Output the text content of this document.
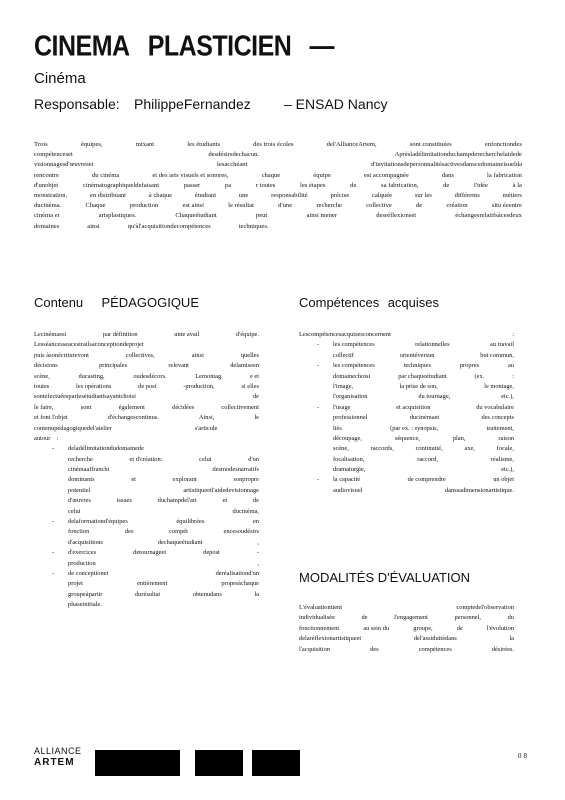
CINEMA PLASTICIEN —
Cinéma
Responsable: PhilippeFernandez – ENSAD Nancy
Trois	équipes,	mixant	les étudiants	des trois écoles	del'AllianceArtem,	sont constituées	enfonctiondes
compétenceset	desdésirsdechacun.	Aprèsladélimitationduchampderecherchelaidede
visionnagesd'œuvreset	lesacchéant	d'invitationsdepersonnalitésactivesdanscedomaineisuelda
rencontre	du cinéma	et des arts visuels et sonores,	chaque	équipe	est accompagnée	dans	la fabrication
d'unobjet	cinématographiqueldefaisant	passer	pa	r toutes	les étapes	de	sa fabrication,	de	l'idée	à la
monstration,	en distribuant	à chaque	étudiant	une	responsabilité	précise	calquée	sur les	différents	métiers
ducinéma.	Chaque	production	est ainsi	le résultat	d'une	recherche	collective	de	création	situ éeentre
cinéma et	artsplastiques.	Chaqueétudiant	peut	ainsi mener	desréflexionset	échangesrelatifsàcesdeux
domaines	ainsi	qu'àl'acquisitiondecompétences	techniques.
Contenu PÉDAGOGIQUE

Lecinémaest	par définition	unte avail	d'équipe.

Lesséancesseacesirailsaconceptiondeprojet

puis àsonécriturevont	collectives,	ainsi	quelles

décisions	principales	relevant	delamiseen

scène,	ducasting,	oudesdécors.	Lemontag	e et

toutes	les opérations	de post	-production,	si elles

sontefectuéesparlesétudiantsayantchoisi	de

le faire,	sont	également	décidées	collectivement

et font l'objet	d'échangescontinus.	Ainsi,	le

contenupédagogiquedel'atelier	s'articule

autour :

- deladélimitationdudomainede

recherche	et d'création:	celui	d'un

cinémaaffranchi	desmodesnarratifs

dominants	et	explorant	sonpropre

potentiel	artistiqueetl'aidedevisionnage

d'œuvres	issues	duchampdel'art	et	de

celui	ducinéma,

- delaformationd'équipes	équilibrées	en

fonction	des	compét	encesoudésirs

d'acquisitions	dechaqueétudiant	,

- d'exercices	detournageet	depost	-

production	,

- de conceptionet	deréalisationd'un

projet	entièrement	propreàchaque

groupeàpartir	durésultat	obtenudans	la

phaseinitiale.

Compétences acquises

Lescompétencesacquisesconcernent	:

- les compétences	relationnelles	au travail

collectif	orientéversun	but commun,

- les compétences	techniques	propres	au

domainechoisi	par chaqueétudiant	(ex.	:

l'image,	la prise de son,	le montage,

l'organisation	du tournage,	etc.),

- l'usage	et acquisition	du vocabulaire

professionnel	ducinémaet	des concepts

liés	(par ex. : synopsis,	traitement,

découpage,	séquence,	plan,	raison

scène,	raccords,	continuité,	axe,	focale,

focalisation,	raccord,	réalisme,

dramaturgie,	etc.),

- la capacité	de comprendre	un objet

audiovisuel	danssadimensionartistique.

MODALITÉS D'ÉVALUATION

L'évaluationtient	comptedel'observation

individualisée	de	l'engagement	personnel,	du

fonctionnement	au sein du	groupe,	de	l'évolution

delaréflexionartistiqueet	del'assiduitédans	la

l'acquisition	des	compétences	désirées.

ALLIANCE
ARTEM
08
